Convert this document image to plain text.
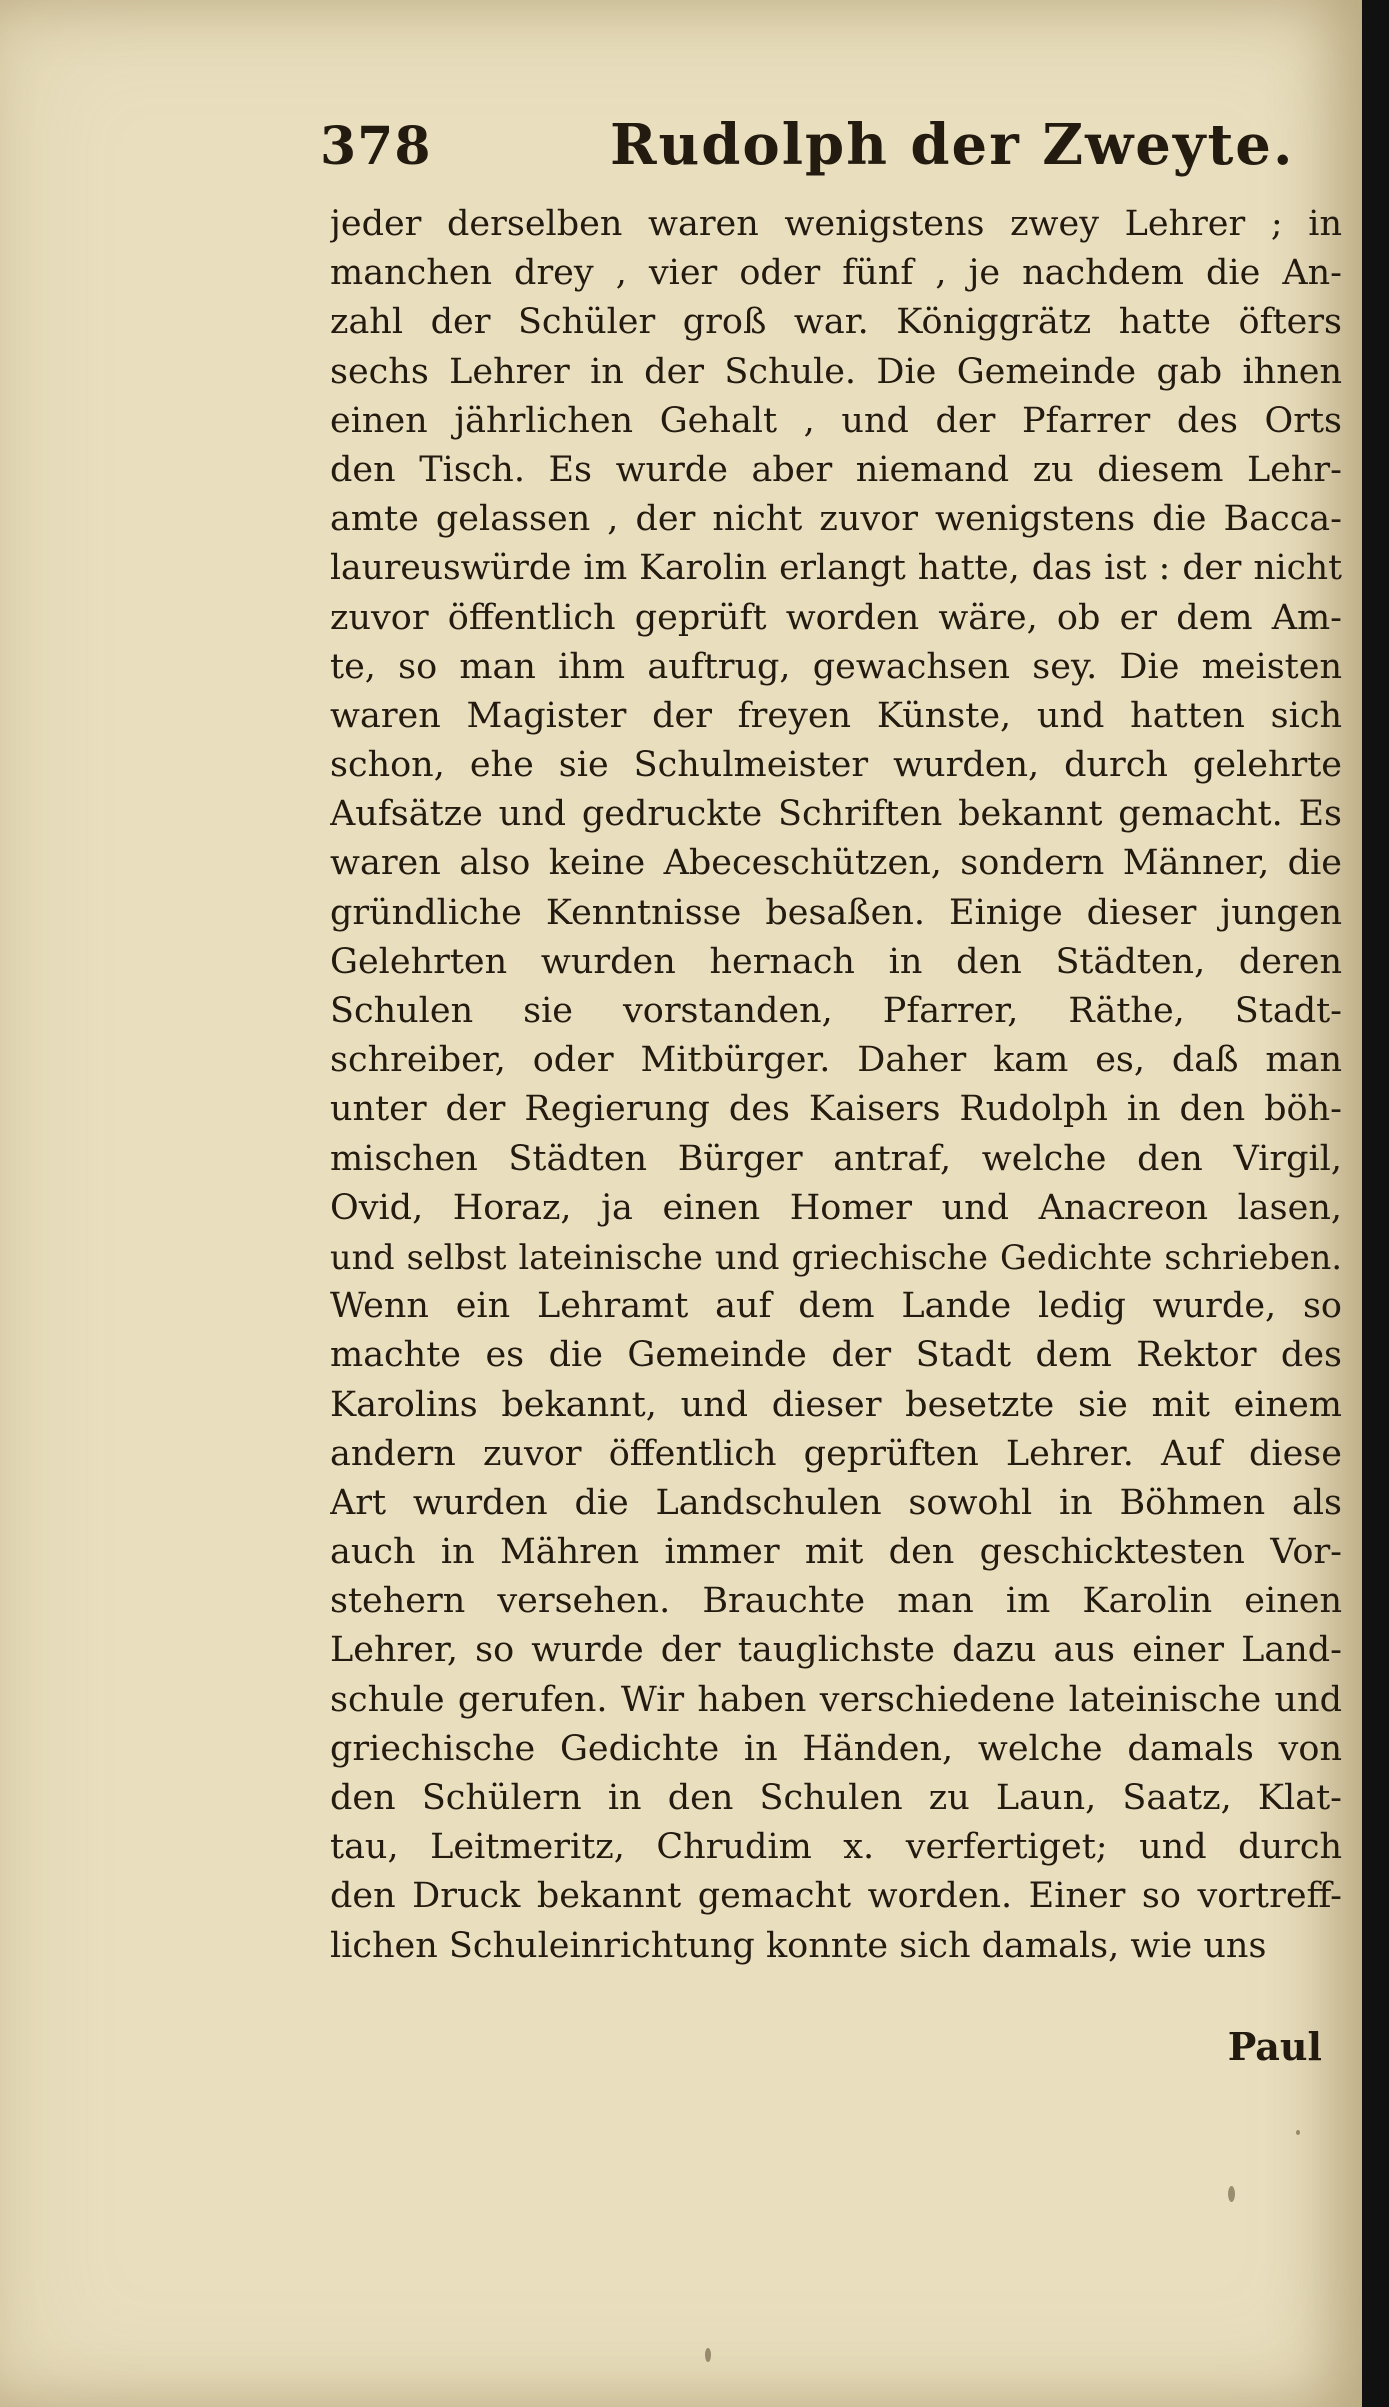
378	Rudolph der Zweyte.
jeder derselben waren wenigstens zwey Lehrer ; in
manchen drey , vier oder fünf , je nachdem die An-
zahl der Schüler groß war. Königgrätz hatte öfters
sechs Lehrer in der Schule. Die Gemeinde gab ihnen
einen jährlichen Gehalt , und der Pfarrer des Orts
den Tisch. Es wurde aber niemand zu diesem Lehr-
amte gelassen , der nicht zuvor wenigstens die Bacca-
laureuswürde im Karolin erlangt hatte, das ist : der nicht
zuvor öffentlich geprüft worden wäre, ob er dem Am-
te, so man ihm auftrug, gewachsen sey. Die meisten
waren Magister der freyen Künste, und hatten sich
schon, ehe sie Schulmeister wurden, durch gelehrte
Aufsätze und gedruckte Schriften bekannt gemacht. Es
waren also keine Abeceschützen, sondern Männer, die
gründliche Kenntnisse besaßen. Einige dieser jungen
Gelehrten wurden hernach in den Städten, deren
Schulen sie vorstanden, Pfarrer, Räthe, Stadt-
schreiber, oder Mitbürger. Daher kam es, daß man
unter der Regierung des Kaisers Rudolph in den böh-
mischen Städten Bürger antraf, welche den Virgil,
Ovid, Horaz, ja einen Homer und Anacreon lasen,
und selbst lateinische und griechische Gedichte schrieben.
Wenn ein Lehramt auf dem Lande ledig wurde, so
machte es die Gemeinde der Stadt dem Rektor des
Karolins bekannt, und dieser besetzte sie mit einem
andern zuvor öffentlich geprüften Lehrer. Auf diese
Art wurden die Landschulen sowohl in Böhmen als
auch in Mähren immer mit den geschicktesten Vor-
stehern versehen. Brauchte man im Karolin einen
Lehrer, so wurde der tauglichste dazu aus einer Land-
schule gerufen. Wir haben verschiedene lateinische und
griechische Gedichte in Händen, welche damals von
den Schülern in den Schulen zu Laun, Saatz, Klat-
tau, Leitmeritz, Chrudim x. verfertiget; und durch
den Druck bekannt gemacht worden. Einer so vortreff-
lichen Schuleinrichtung konnte sich damals, wie uns
Paul
